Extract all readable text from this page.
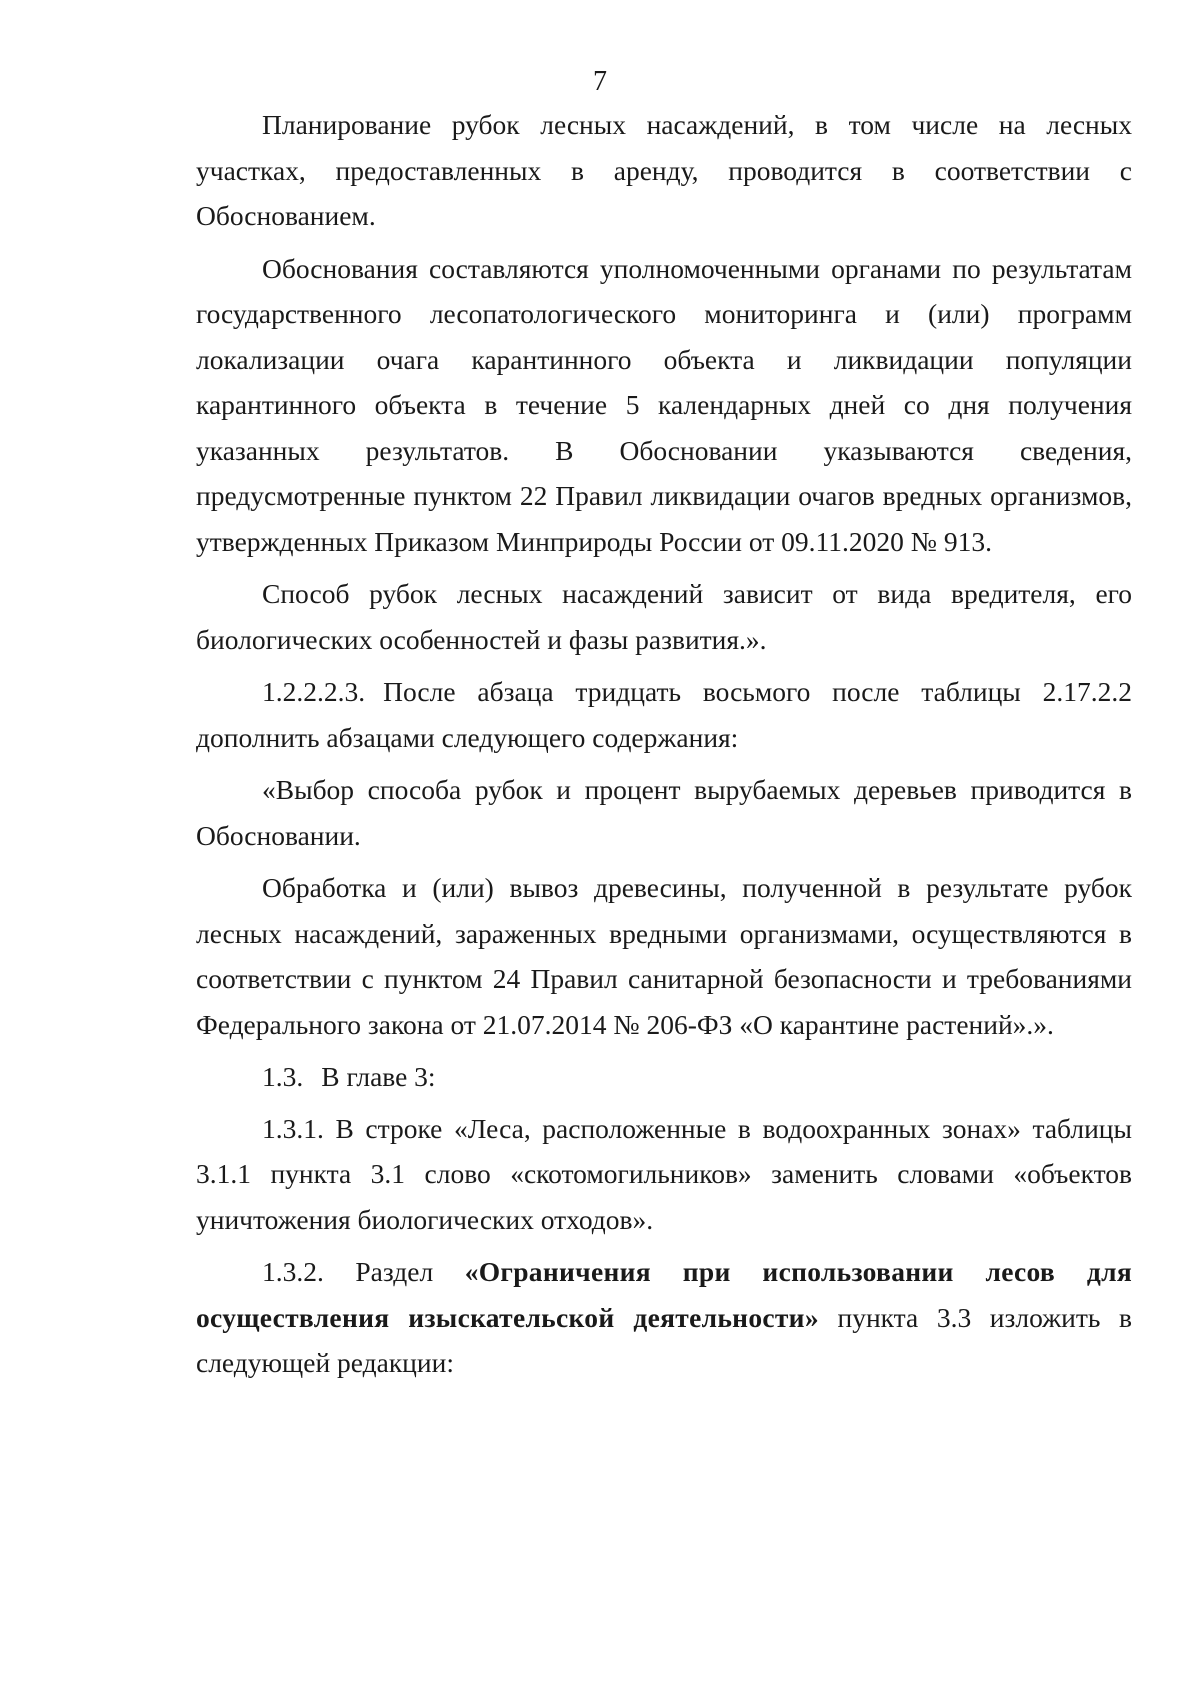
7

Планирование рубок лесных насаждений, в том числе на лесных участках, предоставленных в аренду, проводится в соответствии с Обоснованием.

Обоснования составляются уполномоченными органами по результатам государственного лесопатологического мониторинга и (или) программ локализации очага карантинного объекта и ликвидации популяции карантинного объекта в течение 5 календарных дней со дня получения указанных результатов. В Обосновании указываются сведения, предусмотренные пунктом 22 Правил ликвидации очагов вредных организмов, утвержденных Приказом Минприроды России от 09.11.2020 № 913.

Способ рубок лесных насаждений зависит от вида вредителя, его биологических особенностей и фазы развития.».

1.2.2.2.3. После абзаца тридцать восьмого после таблицы 2.17.2.2 дополнить абзацами следующего содержания:

«Выбор способа рубок и процент вырубаемых деревьев приводится в Обосновании.

Обработка и (или) вывоз древесины, полученной в результате рубок лесных насаждений, зараженных вредными организмами, осуществляются в соответствии с пунктом 24 Правил санитарной безопасности и требованиями Федерального закона от 21.07.2014 № 206-ФЗ «О карантине растений».».

1.3. В главе 3:

1.3.1. В строке «Леса, расположенные в водоохранных зонах» таблицы 3.1.1 пункта 3.1 слово «скотомогильников» заменить словами «объектов уничтожения биологических отходов».

1.3.2. Раздел «Ограничения при использовании лесов для осуществления изыскательской деятельности» пункта 3.3 изложить в следующей редакции:
